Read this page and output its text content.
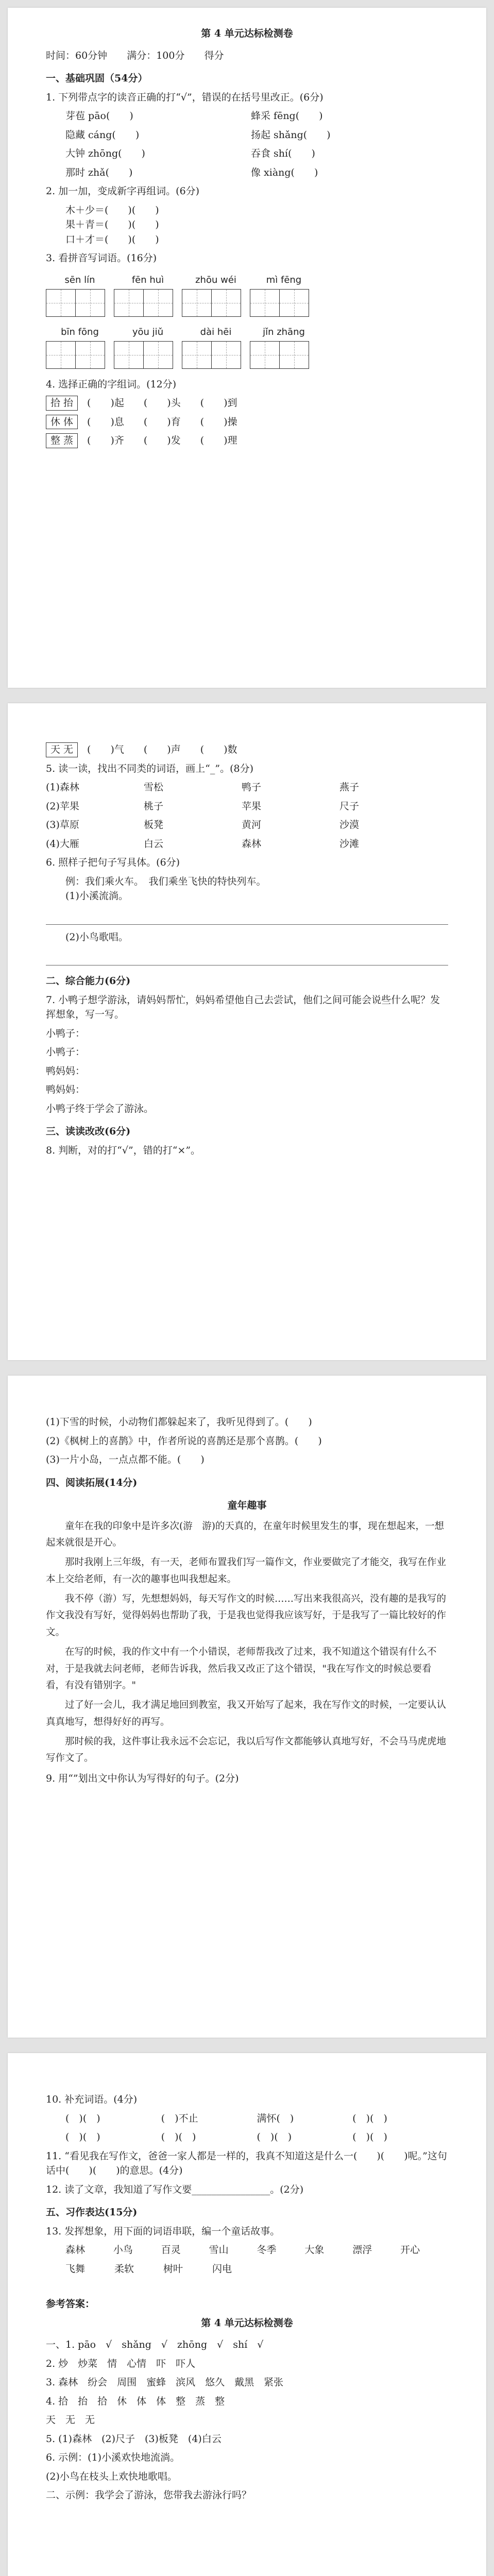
第 4 单元达标检测卷

时间：60分钟　　 满分：100分　　 得分

一、基础巩固（54分）

1. 下列带点字的读音正确的打“√”，错误的在括号里改正。(6分)

芽苞 pāo(　　)	蜂采 fēng(　　)
隐藏 cáng(　　)	扬起 shǎng(　　)
大钟 zhōng(　　)	吞食 shí(　　)
那时 zhǎ(　　)	像 xiàng(　　)

2. 加一加，变成新字再组词。(6分)

木＋少＝(　　)(　　)

果＋青＝(　　)(　　)

口＋才＝(　　)(　　)

3. 看拼音写词语。(16分)

sēn lín	fēn huì	zhōu wéi	mì fēng
bīn fōng	yōu jiǔ	dài hēi	jǐn zhāng

4. 选择正确的字组词。(12分)

拾 抬 (　　)起　　(　　)头　　(　　)到

休 体 (　　)息　　(　　)育　　(　　)操

整 蒸 (　　)齐　　(　　)发　　(　　)理

天 无 (　　)气　　(　　)声　　(　　)数

5. 读一读，找出不同类的词语，画上“_”。(8分)

(1)森林	雪松	鸭子	燕子
(2)苹果	桃子	苹果	尺子
(3)草原	板凳	黄河	沙漠
(4)大雁	白云	森林	沙滩

6. 照样子把句子写具体。(6分)

例：我们乘火车。　我们乘坐飞快的特快列车。

(1)小溪流淌。

(2)小鸟歌唱。

二、综合能力(6分)

7. 小鸭子想学游泳，请妈妈帮忙，妈妈希望他自己去尝试，他们之间可能会说些什么呢？发挥想象，写一写。

小鸭子：

小鸭子：

鸭妈妈：

鸭妈妈：

小鸭子终于学会了游泳。

三、读读改改(6分)

8. 判断，对的打“√”，错的打“×”。

(1)下雪的时候，小动物们都躲起来了，我听见得到了。(　　)

(2)《枫树上的喜鹊》中，作者所说的喜鹊还是那个喜鹊。(　　)

(3)一片小岛，一点点都不能。(　　)

四、阅读拓展(14分)

童年趣事

童年在我的印象中是许多次(游　游)的天真的，在童年时候里发生的事，现在想起来，一想起来就很是开心。

那时我刚上三年级，有一天，老师布置我们写一篇作文，作业要做完了才能交，我写在作业本上交给老师，有一次的趣事也叫我想起来。

我不停（游）写，先想想妈妈，每天写作文的时候……写出来我很高兴，没有趣的是我写的作文我没有写好，觉得妈妈也帮助了我，于是我也觉得我应该写好，于是我写了一篇比较好的作文。

在写的时候，我的作文中有一个小错误，老师帮我改了过来，我不知道这个错误有什么不对，于是我就去问老师，老师告诉我，然后我又改正了这个错误，"我在写作文的时候总要看看，有没有错别字。"

过了好一会儿，我才满足地回到教室，我又开始写了起来，我在写作文的时候，一定要认认真真地写，想得好好的再写。

那时候的我，这件事让我永远不会忘记，我以后写作文都能够认真地写好，不会马马虎虎地写作文了。

9. 用“”划出文中你认为写得好的句子。(2分)

10. 补充词语。(4分)

(　)(　)	(　)不止	满怀(　)	(　)(　)
(　)(　)	(　)(　)	(　)(　)	(　)(　)

11. “看见我在写作文，爸爸一家人都是一样的，我真不知道这是什么一(　　)(　　)呢。”这句话中(　　)(　　)的意思。(4分)

12. 读了文章，我知道了写作文要________________。(2分)

五、习作表达(15分)

13. 发挥想象，用下面的词语串联，编一个童话故事。

森林	小鸟	百灵	雪山	冬季	大象	漂浮	开心
飞舞	柔软	树叶	闪电

参考答案：

第 4 单元达标检测卷

一、1. pāo　√　shǎng　√　zhōng　√　shí　√

2. 炒　炒菜　情　心情　吓　吓人

3. 森林　纷会　周围　蜜蜂　滨风　悠久　戴黑　紧张

4. 拾　抬　拾　休　体　体　整　蒸　整

天　无　无

5. (1)森林　(2)尺子　(3)板凳　(4)白云

6. 示例：(1)小溪欢快地流淌。

(2)小鸟在枝头上欢快地歌唱。

二、示例：我学会了游泳，您带我去游泳行吗？
